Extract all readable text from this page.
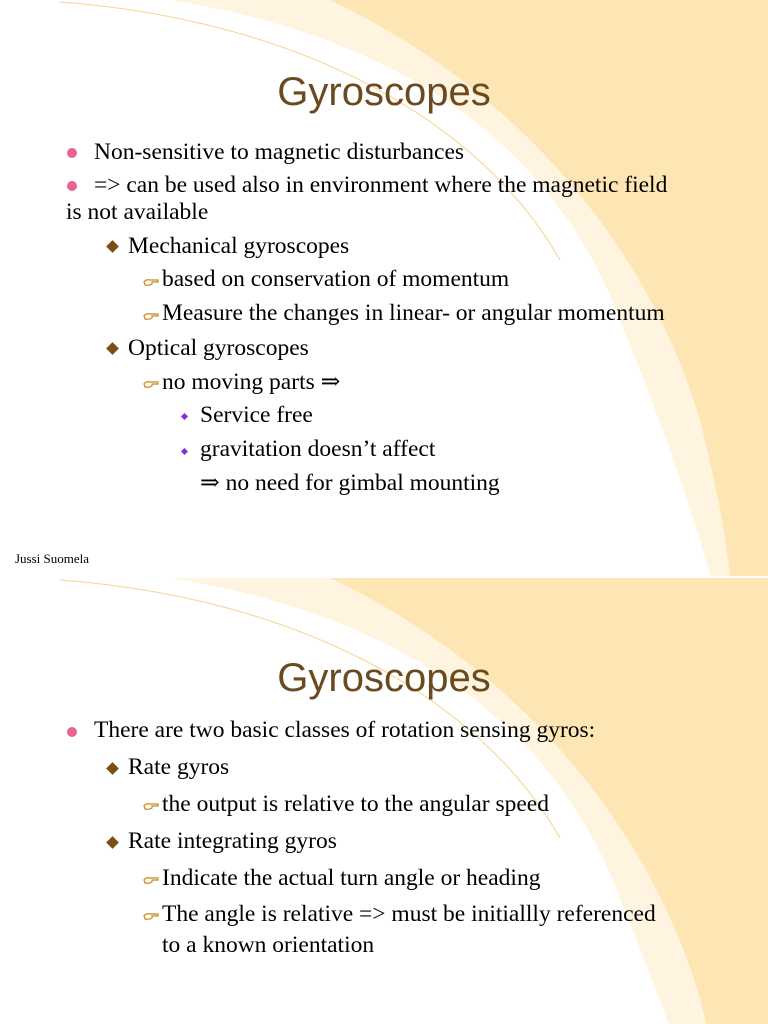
Gyroscopes
Non-sensitive to magnetic disturbances
=> can be used also in environment where the magnetic field
is not available
Mechanical gyroscopes
based on conservation of momentum
Measure the changes in linear- or angular momentum
Optical gyroscopes
no moving parts ⇒
Service free
gravitation doesn’t affect
⇒ no need for gimbal mounting
Jussi Suomela
Gyroscopes
There are two basic classes of rotation sensing gyros:
Rate gyros
the output is relative to the angular speed
Rate integrating gyros
Indicate the actual turn angle or heading
The angle is relative => must be initiallly referenced
to a known orientation
